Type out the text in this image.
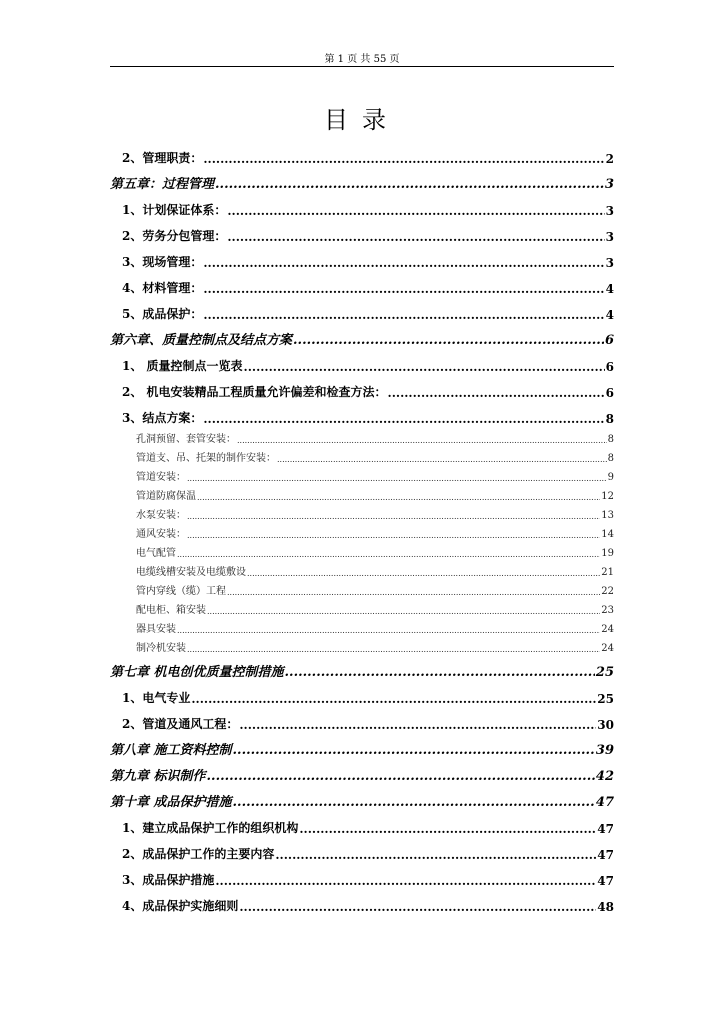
第 1 页 共 55 页
目录
2、管理职责： .....	2
第五章：过程管理 .....	3
1、计划保证体系： .....	3
2、劳务分包管理： .....	3
3、现场管理： .....	3
4、材料管理： .....	4
5、成品保护： .....	4
第六章、质量控制点及结点方案 .....	6
1、 质量控制点一览表 .....	6
2、 机电安装精品工程质量允许偏差和检查方法： .....	6
3、结点方案： .....	8
孔洞预留、套管安装： .....	8
管道支、吊、托架的制作安装： .....	8
管道安装： .....	9
管道防腐保温 .....	12
水泵安装： .....	13
通风安装： .....	14
电气配管 .....	19
电缆线槽安装及电缆敷设 .....	21
管内穿线（缆）工程 .....	22
配电柜、箱安装 .....	23
器具安装 .....	24
制冷机安装 .....	24
第七章 机电创优质量控制措施 .....	25
1、电气专业 .....	25
2、管道及通风工程： .....	30
第八章 施工资料控制 .....	39
第九章 标识制作 .....	42
第十章 成品保护措施 .....	47
1、建立成品保护工作的组织机构 .....	47
2、成品保护工作的主要内容 .....	47
3、成品保护措施 .....	47
4、成品保护实施细则 .....	48
